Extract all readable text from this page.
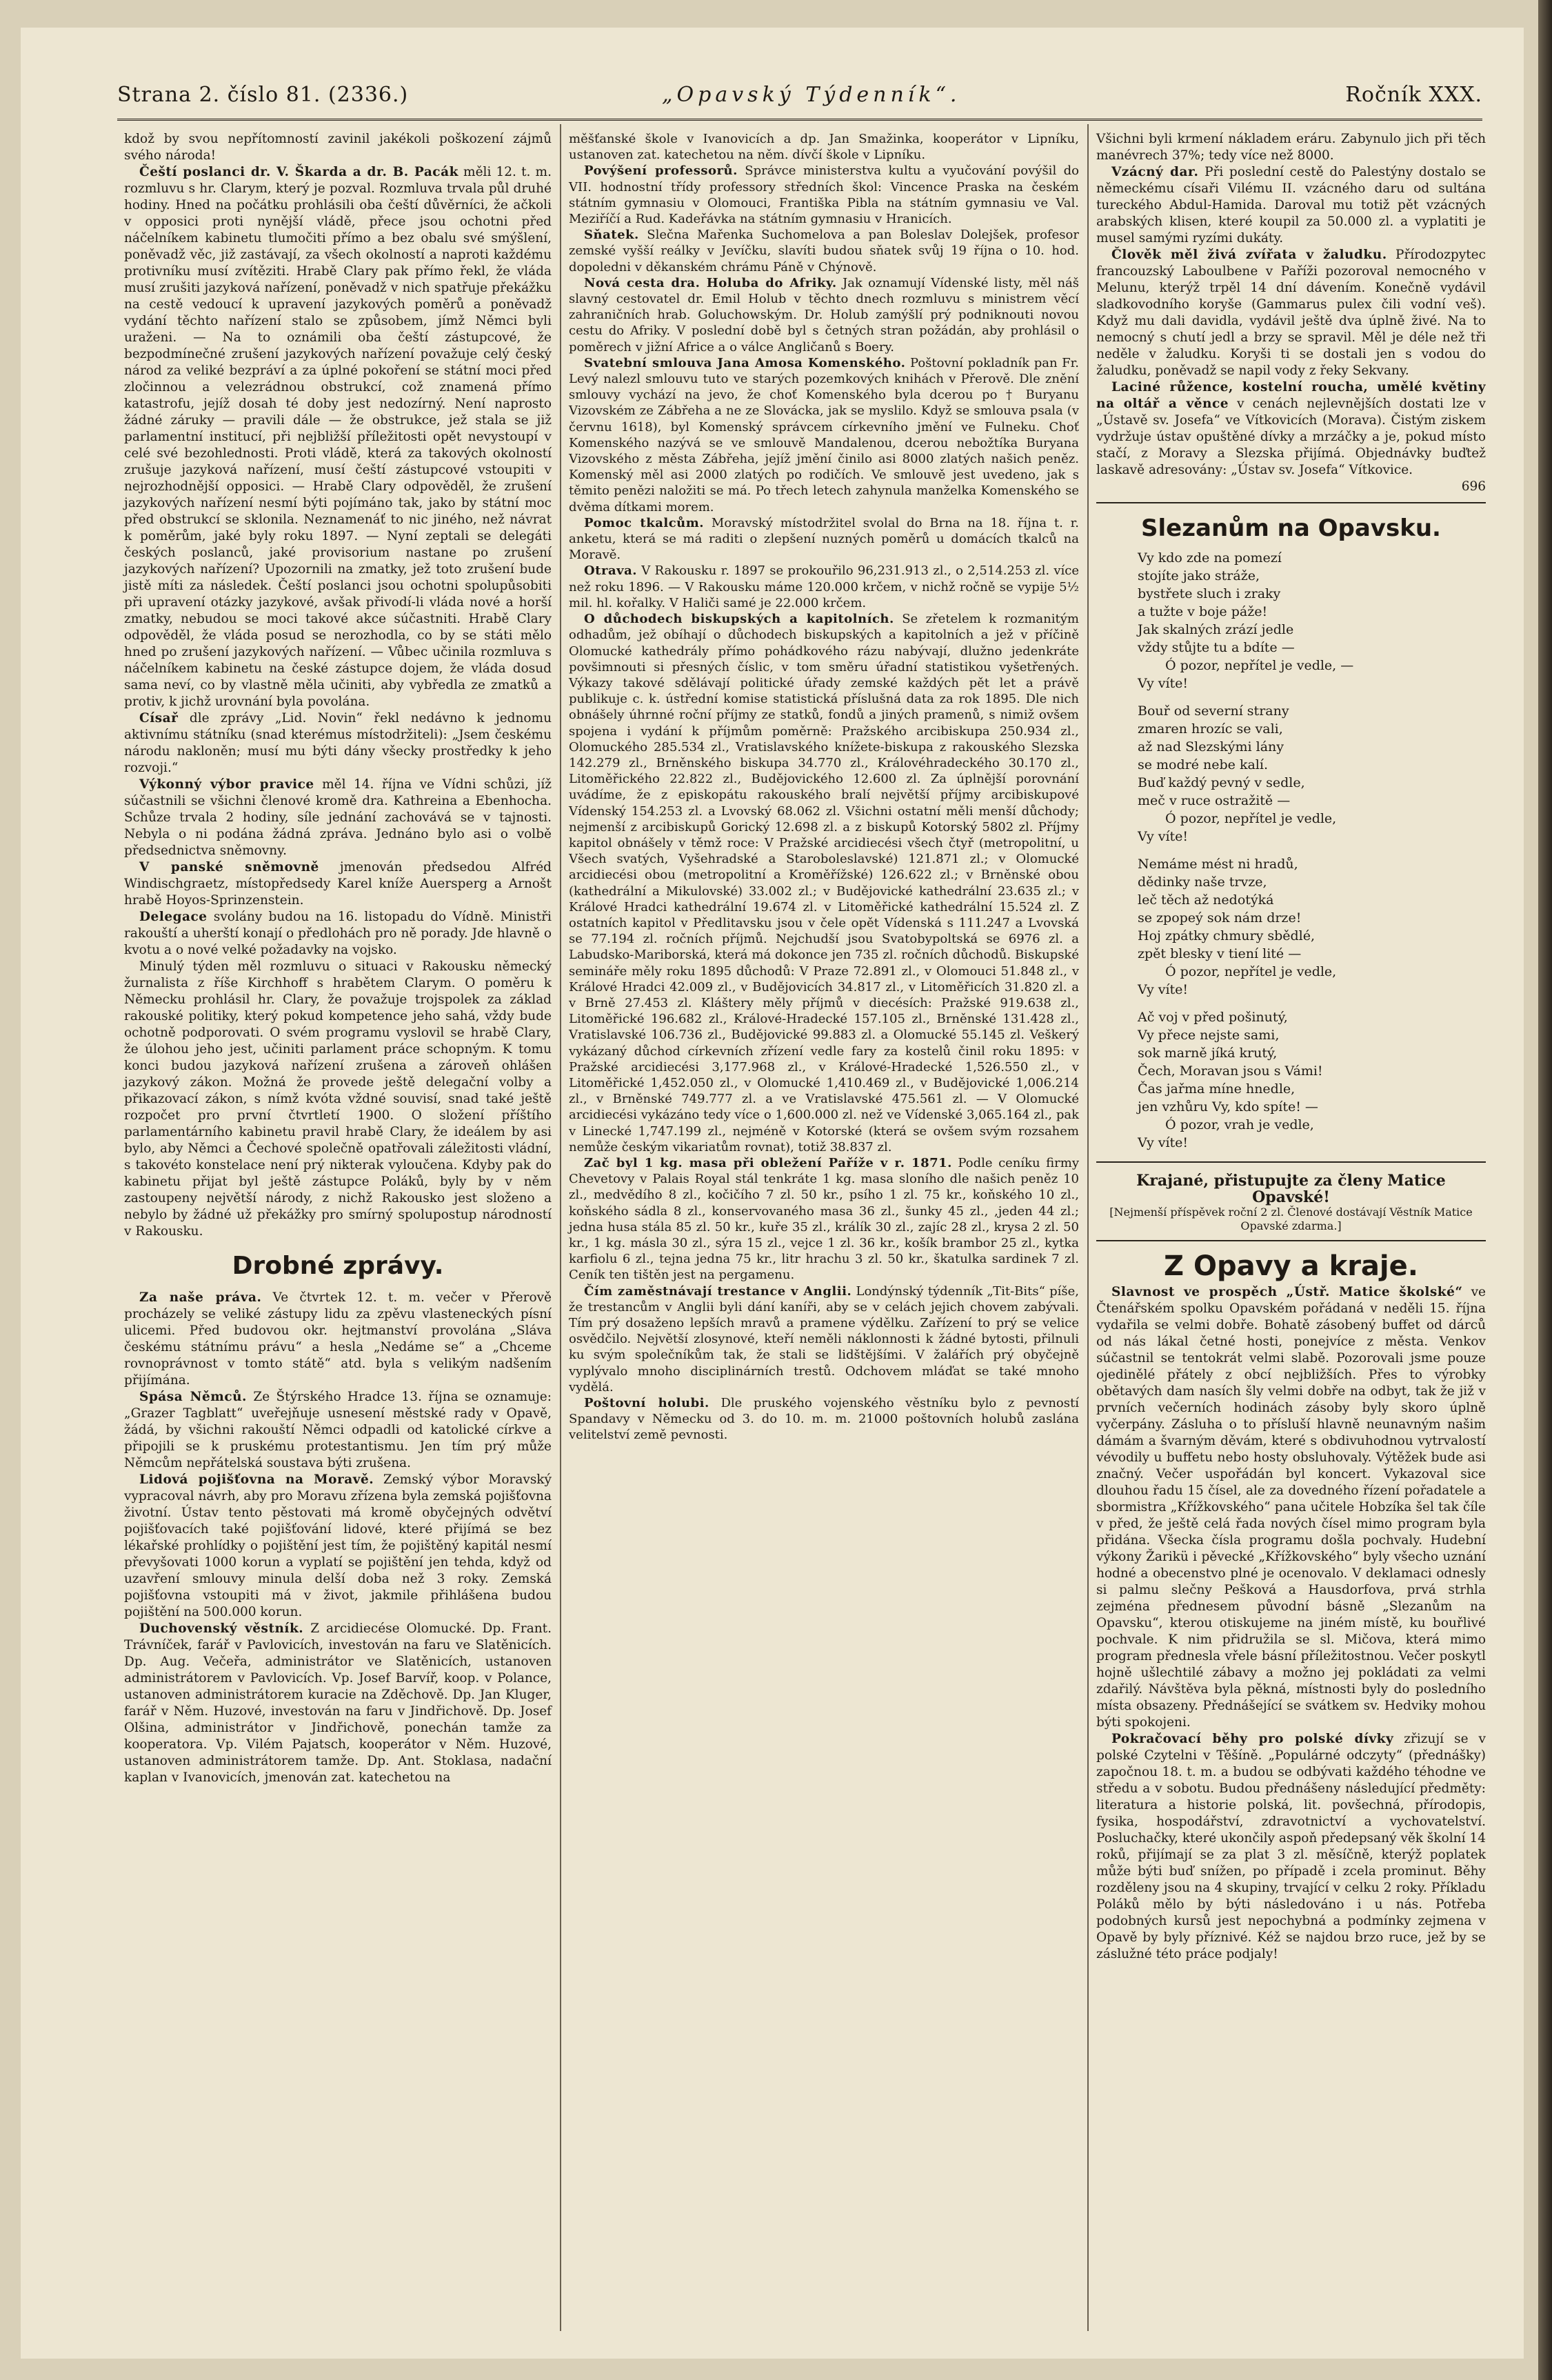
Strana 2. číslo 81. (2336.)	„Opavský Týdenník“.	Ročník XXX.

kdož by svou nepřítomností zavinil jakékoli poškození zájmů svého národa!

Čeští poslanci dr. V. Škarda a dr. B. Pacák měli 12. t. m. rozmluvu s hr. Clarym, který je pozval. Rozmluva trvala půl druhé hodiny. Hned na počátku prohlásili oba čeští důvěrníci, že ačkoli v opposici proti nynější vládě, přece jsou ochotni před náčelníkem kabinetu tlumočiti přímo a bez obalu své smýšlení, poněvadž věc, již zastávají, za všech okolností a naproti každému protivníku musí zvítěziti. Hrabě Clary pak přímo řekl, že vláda musí zrušiti jazyková nařízení, poněvadž v nich spatřuje překážku na cestě vedoucí k upravení jazykových poměrů a poněvadž vydání těchto nařízení stalo se způsobem, jímž Němci byli uraženi. — Na to oznámili oba čeští zástupcové, že bezpodmínečné zrušení jazykových nařízení považuje celý český národ za veliké bezpráví a za úplné pokoření se státní moci před zločinnou a velezrádnou obstrukcí, což znamená přímo katastrofu, jejíž dosah té doby jest nedozírný. Není naprosto žádné záruky — pravili dále — že obstrukce, jež stala se již parlamentní institucí, při nejbližší příležitosti opět nevystoupí v celé své bezohlednosti. Proti vládě, která za takových okolností zrušuje jazyková nařízení, musí čeští zástupcové vstoupiti v nejrozhodnější opposici. — Hrabě Clary odpověděl, že zrušení jazykových nařízení nesmí býti pojímáno tak, jako by státní moc před obstrukcí se sklonila. Neznamenáť to nic jiného, než návrat k poměrům, jaké byly roku 1897. — Nyní zeptali se delegáti českých poslanců, jaké provisorium nastane po zrušení jazykových nařízení? Upozornili na zmatky, jež toto zrušení bude jistě míti za následek. Čeští poslanci jsou ochotni spolupůsobiti při upravení otázky jazykové, avšak přivodí-li vláda nové a horší zmatky, nebudou se moci takové akce súčastniti. Hrabě Clary odpověděl, že vláda posud se nerozhodla, co by se státi mělo hned po zrušení jazykových nařízení. — Vůbec učinila rozmluva s náčelníkem kabinetu na české zástupce dojem, že vláda dosud sama neví, co by vlastně měla učiniti, aby vybředla ze zmatků a protiv, k jichž urovnání byla povolána.

Císař dle zprávy „Lid. Novin“ řekl nedávno k jednomu aktivnímu státníku (snad kterémus místodržiteli): „Jsem českému národu nakloněn; musí mu býti dány všecky prostředky k jeho rozvoji.“

Výkonný výbor pravice měl 14. října ve Vídni schůzi, jíž súčastnili se všichni členové kromě dra. Kathreina a Ebenhocha. Schůze trvala 2 hodiny, síle jednání zachovává se v tajnosti. Nebyla o ni podána žádná zpráva. Jednáno bylo asi o volbě předsednictva sněmovny.

V panské sněmovně jmenován předsedou Alfréd Windischgraetz, místopředsedy Karel kníže Auersperg a Arnošt hrabě Hoyos-Sprinzenstein.

Delegace svolány budou na 16. listopadu do Vídně. Ministři rakouští a uherští konají o předlohách pro ně porady. Jde hlavně o kvotu a o nové velké požadavky na vojsko.

Minulý týden měl rozmluvu o situaci v Rakousku německý žurnalista z říše Kirchhoff s hrabětem Clarym. O poměru k Německu prohlásil hr. Clary, že považuje trojspolek za základ rakouské politiky, který pokud kompetence jeho sahá, vždy bude ochotně podporovati. O svém programu vyslovil se hrabě Clary, že úlohou jeho jest, učiniti parlament práce schopným. K tomu konci budou jazyková nařízení zrušena a zároveň ohlášen jazykový zákon. Možná že provede ještě delegační volby a přikazovací zákon, s nímž kvóta vždné souvisí, snad také ještě rozpočet pro první čtvrtletí 1900. O složení příštího parlamentárního kabinetu pravil hrabě Clary, že ideálem by asi bylo, aby Němci a Čechové společně opatřovali záležitosti vládní, s takovéto konstelace není prý nikterak vyloučena. Kdyby pak do kabinetu přijat byl ještě zástupce Poláků, byly by v něm zastoupeny největší národy, z nichž Rakousko jest složeno a nebylo by žádné už překážky pro smírný spolupostup národností v Rakousku.

Drobné zprávy.

Za naše práva. Ve čtvrtek 12. t. m. večer v Přerově procházely se veliké zástupy lidu za zpěvu vlasteneckých písní ulicemi. Před budovou okr. hejtmanství provolána „Sláva českému státnímu právu“ a hesla „Nedáme se“ a „Chceme rovnoprávnost v tomto státě“ atd. byla s velikým nadšením přijímána.

Spása Němců. Ze Štýrského Hradce 13. října se oznamuje: „Grazer Tagblatt“ uveřejňuje usnesení městské rady v Opavě, žádá, by všichni rakouští Němci odpadli od katolické církve a připojili se k pruskému protestantismu. Jen tím prý může Němcům nepřátelská soustava býti zrušena.

Lidová pojišťovna na Moravě. Zemský výbor Moravský vypracoval návrh, aby pro Moravu zřízena byla zemská pojišťovna životní. Ústav tento pěstovati má kromě obyčejných odvětví pojišťovacích také pojišťování lidové, které přijímá se bez lékařské prohlídky o pojištění jest tím, že pojištěný kapitál nesmí převyšovati 1000 korun a vyplatí se pojištění jen tehda, když od uzavření smlouvy minula delší doba než 3 roky. Zemská pojišťovna vstoupiti má v život, jakmile přihlášena budou pojištění na 500.000 korun.

Duchovenský věstník. Z arcidiecése Olomucké. Dp. Frant. Trávníček, farář v Pavlovicích, investován na faru ve Slatěnicích. Dp. Aug. Večeřa, administrátor ve Slatěnicích, ustanoven administrátorem v Pavlovicích. Vp. Josef Barvíř, koop. v Polance, ustanoven administrátorem kuracie na Zděchově. Dp. Jan Kluger, farář v Něm. Huzové, investován na faru v Jindřichově. Dp. Josef Olšina, administrátor v Jindřichově, ponechán tamže za kooperatora. Vp. Vilém Pajatsch, kooperátor v Něm. Huzové, ustanoven administrátorem tamže. Dp. Ant. Stoklasa, nadační kaplan v Ivanovicích, jmenován zat. katechetou na

měšťanské škole v Ivanovicích a dp. Jan Smažinka, kooperátor v Lipníku, ustanoven zat. katechetou na něm. dívčí škole v Lipníku.

Povýšení professorů. Správce ministerstva kultu a vyučování povýšil do VII. hodnostní třídy professory středních škol: Vincence Praska na českém státním gymnasiu v Olomouci, Františka Pibla na státním gymnasiu ve Val. Meziříčí a Rud. Kadeřávka na státním gymnasiu v Hranicích.

Sňatek. Slečna Mařenka Suchomelova a pan Boleslav Dolejšek, profesor zemské vyšší reálky v Jevíčku, slavíti budou sňatek svůj 19 října o 10. hod. dopoledni v děkanském chrámu Páně v Chýnově.

Nová cesta dra. Holuba do Afriky. Jak oznamují Vídenské listy, měl náš slavný cestovatel dr. Emil Holub v těchto dnech rozmluvu s ministrem věcí zahraničních hrab. Goluchowským. Dr. Holub zamýšlí prý podniknouti novou cestu do Afriky. V poslední době byl s četných stran požádán, aby prohlásil o poměrech v jižní Africe a o válce Angličanů s Boery.

Svatební smlouva Jana Amosa Komenského. Poštovní pokladník pan Fr. Levý nalezl smlouvu tuto ve starých pozemkových knihách v Přerově. Dle znění smlouvy vychází na jevo, že choť Komenského byla dcerou po † Buryanu Vizovském ze Zábřeha a ne ze Slovácka, jak se myslilo. Když se smlouva psala (v červnu 1618), byl Komenský správcem církevního jmění ve Fulneku. Choť Komenského nazývá se ve smlouvě Mandalenou, dcerou nebožtíka Buryana Vizovského z města Zábřeha, jejíž jmění činilo asi 8000 zlatých našich peněz. Komenský měl asi 2000 zlatých po rodičích. Ve smlouvě jest uvedeno, jak s těmito penězi naložiti se má. Po třech letech zahynula manželka Komenského se dvěma dítkami morem.

Pomoc tkalcům. Moravský místodržitel svolal do Brna na 18. října t. r. anketu, která se má raditi o zlepšení nuzných poměrů u domácích tkalců na Moravě.

Otrava. V Rakousku r. 1897 se prokouřilo 96,231.913 zl., o 2,514.253 zl. více než roku 1896. — V Rakousku máme 120.000 krčem, v nichž ročně se vypije 5½ mil. hl. kořalky. V Haliči samé je 22.000 krčem.

O důchodech biskupských a kapitolních. Se zřetelem k rozmanitým odhadům, jež obíhají o důchodech biskupských a kapitolních a jež v příčině Olomucké kathedrály přímo pohádkového rázu nabývají, dlužno jedenkráte povšimnouti si přesných číslic, v tom směru úřadní statistikou vyšetřených. Výkazy takové sdělávají politické úřady zemské každých pět let a právě publikuje c. k. ústřední komise statistická příslušná data za rok 1895. Dle nich obnášely úhrnné roční příjmy ze statků, fondů a jiných pramenů, s nimiž ovšem spojena i vydání k příjmům poměrně: Pražského arcibiskupa 250.934 zl., Olomuckého 285.534 zl., Vratislavského knížete-biskupa z rakouského Slezska 142.279 zl., Brněnského biskupa 34.770 zl., Královéhradeckého 30.170 zl., Litoměřického 22.822 zl., Budějovického 12.600 zl. Za úplnější porovnání uvádíme, že z episkopátu rakouského bralí největší příjmy arcibiskupové Vídenský 154.253 zl. a Lvovský 68.062 zl. Všichni ostatní měli menší důchody; nejmenší z arcibiskupů Gorický 12.698 zl. a z biskupů Kotorský 5802 zl. Příjmy kapitol obnášely v těmž roce: V Pražské arcidiecési všech čtyř (metropolitní, u Všech svatých, Vyšehradské a Staroboleslavské) 121.871 zl.; v Olomucké arcidiecési obou (metropolitní a Kroměřížské) 126.622 zl.; v Brněnské obou (kathedrální a Mikulovské) 33.002 zl.; v Budějovické kathedrální 23.635 zl.; v Králové Hradci kathedrální 19.674 zl. v Litoměřické kathedrální 15.524 zl. Z ostatních kapitol v Předlitavsku jsou v čele opět Vídenská s 111.247 a Lvovská se 77.194 zl. ročních příjmů. Nejchudší jsou Svatobypoltská se 6976 zl. a Labudsko-Mariborská, která má dokonce jen 735 zl. ročních důchodů. Biskupské semináře měly roku 1895 důchodů: V Praze 72.891 zl., v Olomouci 51.848 zl., v Králové Hradci 42.009 zl., v Budějovicích 34.817 zl., v Litoměřicích 31.820 zl. a v Brně 27.453 zl. Kláštery měly příjmů v diecésích: Pražské 919.638 zl., Litoměřické 196.682 zl., Králové-Hradecké 157.105 zl., Brněnské 131.428 zl., Vratislavské 106.736 zl., Budějovické 99.883 zl. a Olomucké 55.145 zl. Veškerý vykázaný důchod církevních zřízení vedle fary za kostelů činil roku 1895: v Pražské arcidiecési 3,177.968 zl., v Králové-Hradecké 1,526.550 zl., v Litoměřické 1,452.050 zl., v Olomucké 1,410.469 zl., v Budějovické 1,006.214 zl., v Brněnské 749.777 zl. a ve Vratislavské 475.561 zl. — V Olomucké arcidiecési vykázáno tedy více o 1,600.000 zl. než ve Vídenské 3,065.164 zl., pak v Linecké 1,747.199 zl., nejméně v Kotorské (která se ovšem svým rozsahem nemůže českým vikariatům rovnat), totiž 38.837 zl.

Zač byl 1 kg. masa při obležení Paříže v r. 1871. Podle ceníku firmy Chevetovy v Palais Royal stál tenkráte 1 kg. masa sloního dle našich peněz 10 zl., medvědího 8 zl., kočičího 7 zl. 50 kr., psího 1 zl. 75 kr., koňského 10 zl., koňského sádla 8 zl., konservovaného masa 36 zl., šunky 45 zl., ,jeden 44 zl.; jedna husa stála 85 zl. 50 kr., kuře 35 zl., králík 30 zl., zajíc 28 zl., krysa 2 zl. 50 kr., 1 kg. másla 30 zl., sýra 15 zl., vejce 1 zl. 36 kr., košík brambor 25 zl., kytka karfiolu 6 zl., tejna jedna 75 kr., litr hrachu 3 zl. 50 kr., škatulka sardinek 7 zl. Ceník ten tištěn jest na pergamenu.

Čím zaměstnávají trestance v Anglii. Londýnský týdenník „Tit-Bits“ píše, že trestancům v Anglii byli dání kaníři, aby se v celách jejich chovem zabývali. Tím prý dosaženo lepších mravů a pramene výdělku. Zařízení to prý se velice osvědčilo. Největší zlosynové, kteří neměli náklonnosti k žádné bytosti, přilnuli ku svým společníkům tak, že stali se lidštějšími. V žalářích prý obyčejně vyplývalo mnoho disciplinárních trestů. Odchovem mláďat se také mnoho vydělá.

Poštovní holubi. Dle pruského vojenského věstníku bylo z pevností Spandavy v Německu od 3. do 10. m. m. 21000 poštovních holubů zaslána velitelství země pevnosti.

Všichni byli krmení nákladem eráru. Zabynulo jich při těch manévrech 37%; tedy více než 8000.

Vzácný dar. Při poslední cestě do Palestýny dostalo se německému císaři Vilému II. vzácného daru od sultána tureckého Abdul-Hamida. Daroval mu totiž pět vzácných arabských klisen, které koupil za 50.000 zl. a vyplatiti je musel samými ryzími dukáty.

Člověk měl živá zvířata v žaludku. Přírodozpytec francouzský Laboulbene v Paříži pozoroval nemocného v Melunu, kterýž trpěl 14 dní dávením. Konečně vydávil sladkovodního koryše (Gammarus pulex čili vodní veš). Když mu dali davidla, vydávil ještě dva úplně živé. Na to nemocný s chutí jedl a brzy se spravil. Měl je déle než tři neděle v žaludku. Koryši ti se dostali jen s vodou do žaludku, poněvadž se napil vody z řeky Sekvany.

Laciné růžence, kostelní roucha, umělé květiny na oltář a věnce v cenách nejlevnějších dostati lze v „Ústavě sv. Josefa“ ve Vítkovicích (Morava). Čistým ziskem vydržuje ústav opuštěné dívky a mrzáčky a je, pokud místo stačí, z Moravy a Slezska přijímá. Objednávky buďtež laskavě adresovány: „Ústav sv. Josefa“ Vítkovice.

696
Slezanům na Opavsku.
Vy kdo zde na pomezí
stojíte jako stráže,
bystřete sluch i zraky
a tužte v boje páže!
Jak skalných zrází jedle
vždy stůjte tu a bdíte —
Ó pozor, nepřítel je vedle, —
Vy víte!
Bouř od severní strany
zmaren hrozíc se vali,
až nad Slezskými lány
se modré nebe kalí.
Buď každý pevný v sedle,
meč v ruce ostražitě —
Ó pozor, nepřítel je vedle,
Vy víte!
Nemáme mést ni hradů,
dědinky naše trvze,
leč těch až nedotýká
se zpopeý sok nám drze!
Hoj zpátky chmury sbědlé,
zpět bleskу v tiení lité —
Ó pozor, nepřítel je vedle,
Vy víte!
Ač voj v před pošinutý,
Vy přece nejste sami,
sok marně jíká krutý,
Čech, Moravan jsou s Vámi!
Čas jařma míne hnedle,
jen vzhůru Vy, kdo spíte! —
Ó pozor, vrah je vedle,
Vy víte!
Krajané, přistupujte za členy Matice Opavské!
[Nejmenší příspěvek roční 2 zl. Členové dostávají Věstník Matice Opavské zdarma.]
Z Opavy a kraje.

Slavnost ve prospěch „Ústř. Matice školské“ ve Čtenářském spolku Opavském pořádaná v neděli 15. října vydařila se velmi dobře. Bohatě zásobený buffet od dárců od nás lákal četné hosti, ponejvíce z města. Venkov súčastnil se tentokrát velmi slabě. Pozorovali jsme pouze ojedinělé přátely z obcí nejbližších. Přes to výrobky obětavých dam nasích šly velmi dobře na odbyt, tak že již v prvních večerních hodinách zásoby byly skoro úplně vyčerpány. Zásluha o to přísluší hlavně neunavným našim dámám a švarným děvám, které s obdivuhodnou vytrvalostí vévodily u buffetu nebo hosty obsluhovaly. Výtěžek bude asi značný. Večer uspořádán byl koncert. Vykazoval sice dlouhou řadu 15 čísel, ale za dovedného řízení pořadatele a sbormistra „Křížkovského“ pana učitele Hobzíka šel tak číle v před, že ještě celá řada nových čísel mimo program byla přidána. Všecka čísla programu došla pochvaly. Hudební výkony Žarikü i pěvecké „Křížkovského“ byly všecho uznání hodné a obecenstvo plné je ocenovalo. V deklamaci odnesly si palmu slečny Pešková a Hausdorfova, prvá strhla zejména přednesem původní básně „Slezanům na Opavsku“, kterou otiskujeme na jiném místě, ku bouřlivé pochvale. K nim přidružila se sl. Mičova, která mimo program přednesla vřele básní příležitostnou. Večer poskytl hojně ušlechtilé zábavy a možno jej pokládati za velmi zdařilý. Návštěva byla pěkná, místnosti byly do posledního místa obsazeny. Přednášející se svátkem sv. Hedviky mohou býti spokojeni.

Pokračovací běhy pro polské dívky zřizují se v polské Czytelni v Těšíně. „Populárné odczyty“ (přednášky) započnou 18. t. m. a budou se odbývati každého téhodne ve středu a v sobotu. Budou přednášeny následující předměty: literatura a historie polská, lit. povšechná, přírodopis, fysika, hospodářství, zdravotnictví a vychovatelství. Posluchačky, které ukončily aspoň předepsaný věk školní 14 roků, přijímají se za plat 3 zl. měsíčně, kterýž poplatek může býti buď snížen, po případě i zcela prominut. Běhy rozděleny jsou na 4 skupiny, trvající v celku 2 roky. Příkladu Poláků mělo by býti následováno i u nás. Potřeba podobných kursů jest nepochybná a podmínky zejmena v Opavě by byly příznivé. Kéž se najdou brzo ruce, jež by se záslužné této práce podjaly!
